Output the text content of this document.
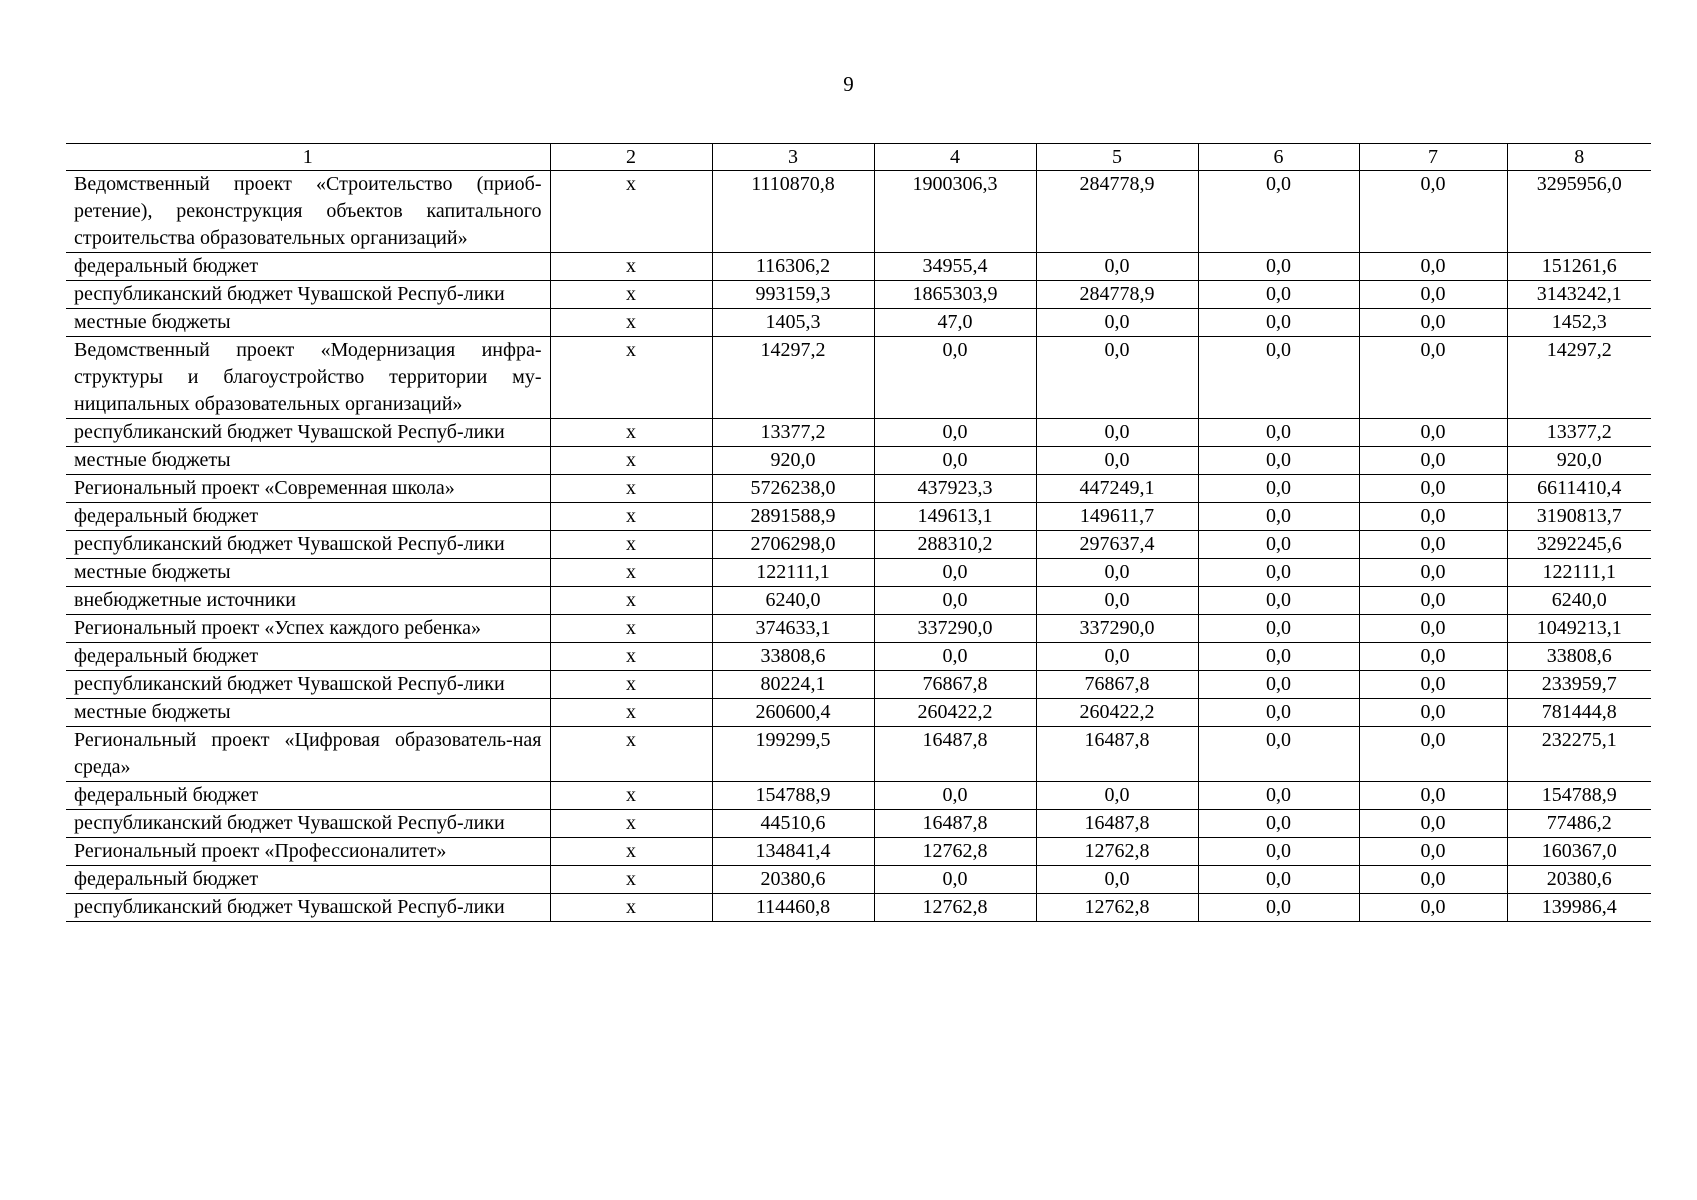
9
1	2	3	4	5	6	7	8
Ведомственный проект «Строительство (приоб-ретение), реконструкция объектов капитального строительства образовательных организаций»	х	1110870,8	1900306,3	284778,9	0,0	0,0	3295956,0
федеральный бюджет	х	116306,2	34955,4	0,0	0,0	0,0	151261,6
республиканский бюджет Чувашской Респуб-лики	х	993159,3	1865303,9	284778,9	0,0	0,0	3143242,1
местные бюджеты	х	1405,3	47,0	0,0	0,0	0,0	1452,3
Ведомственный проект «Модернизация инфра-структуры и благоустройство территории му-ниципальных образовательных организаций»	х	14297,2	0,0	0,0	0,0	0,0	14297,2
республиканский бюджет Чувашской Респуб-лики	х	13377,2	0,0	0,0	0,0	0,0	13377,2
местные бюджеты	х	920,0	0,0	0,0	0,0	0,0	920,0
Региональный проект «Современная школа»	х	5726238,0	437923,3	447249,1	0,0	0,0	6611410,4
федеральный бюджет	х	2891588,9	149613,1	149611,7	0,0	0,0	3190813,7
республиканский бюджет Чувашской Респуб-лики	х	2706298,0	288310,2	297637,4	0,0	0,0	3292245,6
местные бюджеты	х	122111,1	0,0	0,0	0,0	0,0	122111,1
внебюджетные источники	х	6240,0	0,0	0,0	0,0	0,0	6240,0
Региональный проект «Успех каждого ребенка»	х	374633,1	337290,0	337290,0	0,0	0,0	1049213,1
федеральный бюджет	х	33808,6	0,0	0,0	0,0	0,0	33808,6
республиканский бюджет Чувашской Респуб-лики	х	80224,1	76867,8	76867,8	0,0	0,0	233959,7
местные бюджеты	х	260600,4	260422,2	260422,2	0,0	0,0	781444,8
Региональный проект «Цифровая образователь-ная среда»	х	199299,5	16487,8	16487,8	0,0	0,0	232275,1
федеральный бюджет	х	154788,9	0,0	0,0	0,0	0,0	154788,9
республиканский бюджет Чувашской Респуб-лики	х	44510,6	16487,8	16487,8	0,0	0,0	77486,2
Региональный проект «Профессионалитет»	х	134841,4	12762,8	12762,8	0,0	0,0	160367,0
федеральный бюджет	х	20380,6	0,0	0,0	0,0	0,0	20380,6
республиканский бюджет Чувашской Респуб-лики	х	114460,8	12762,8	12762,8	0,0	0,0	139986,4
